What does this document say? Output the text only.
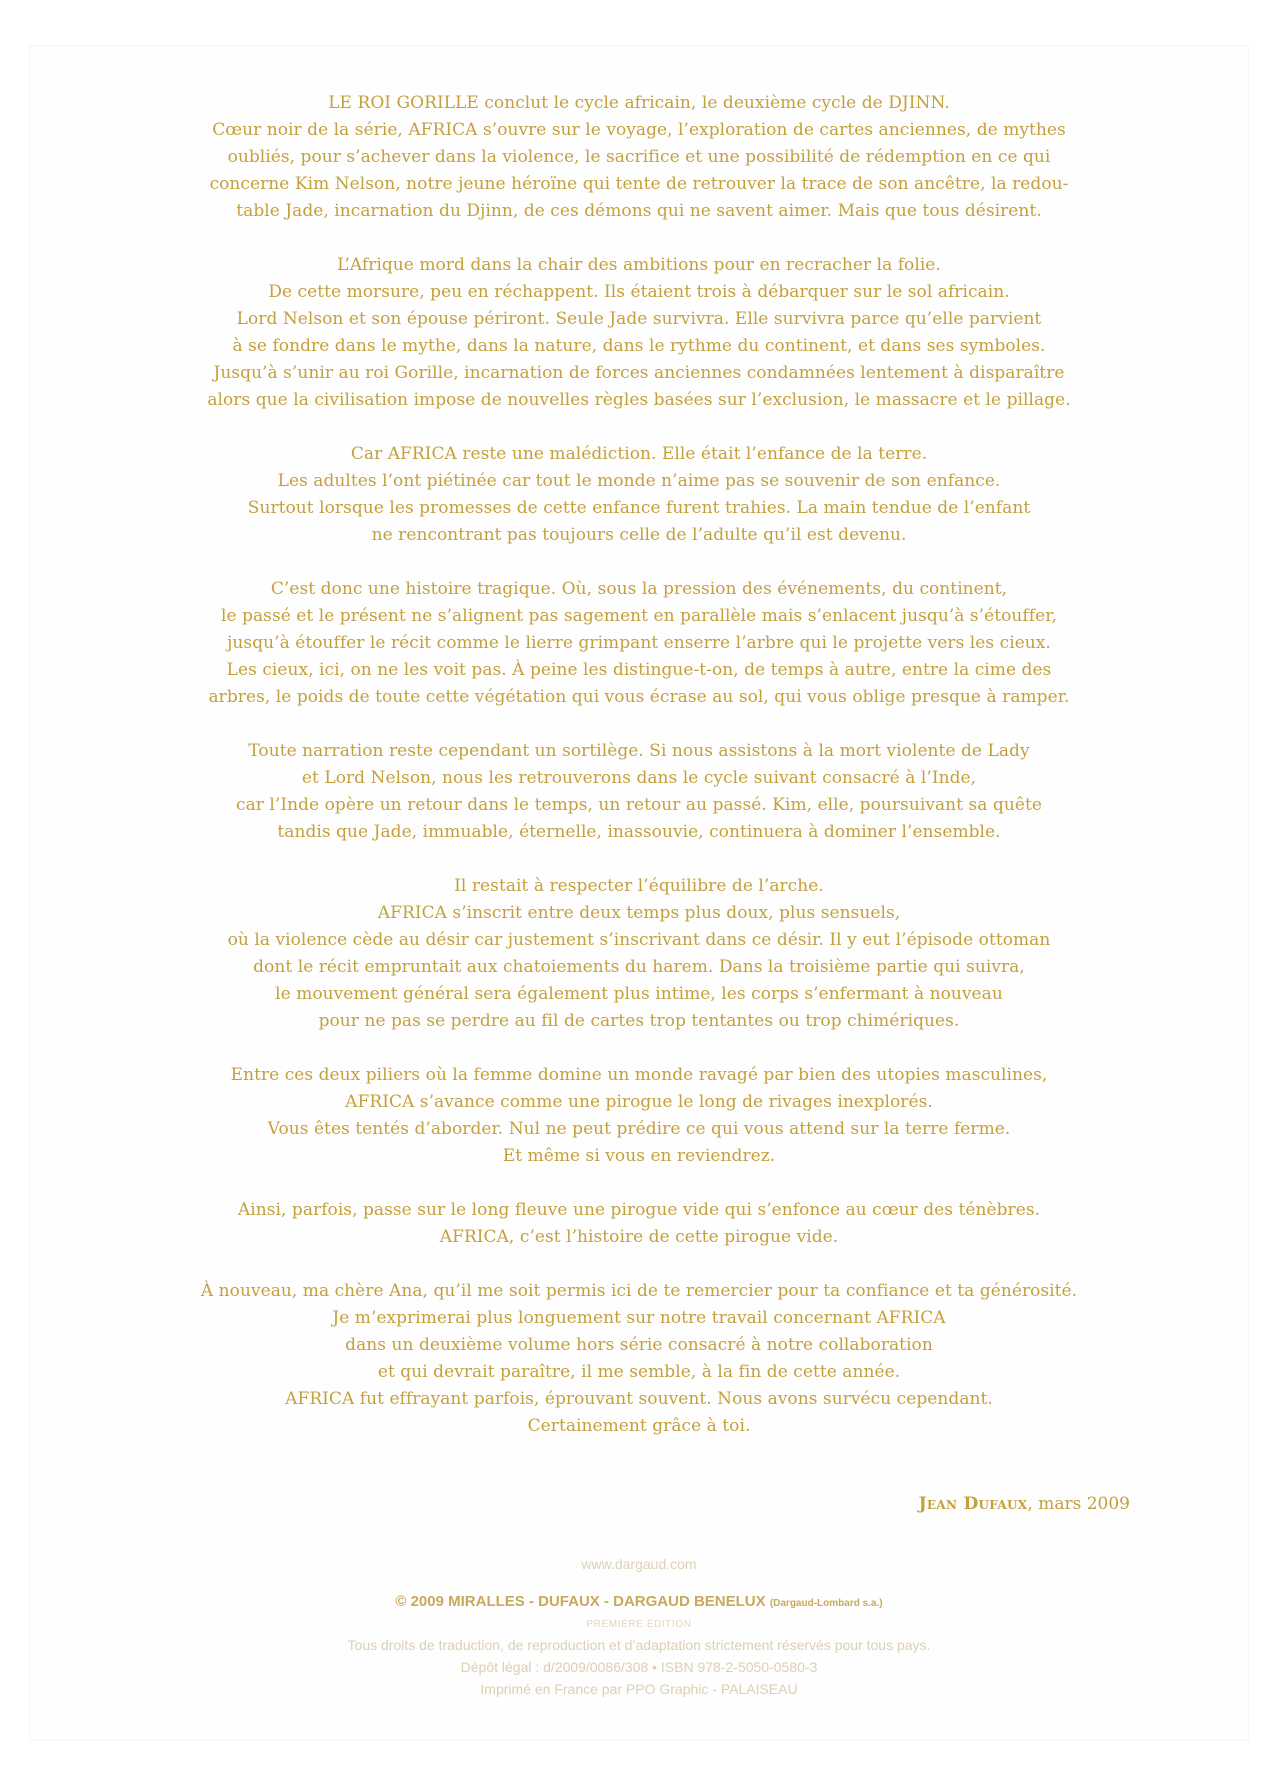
LE ROI GORILLE conclut le cycle africain, le deuxième cycle de DJINN.
Cœur noir de la série, AFRICA s’ouvre sur le voyage, l’exploration de cartes anciennes, de mythes
oubliés, pour s’achever dans la violence, le sacrifice et une possibilité de rédemption en ce qui
concerne Kim Nelson, notre jeune héroïne qui tente de retrouver la trace de son ancêtre, la redou-
table Jade, incarnation du Djinn, de ces démons qui ne savent aimer. Mais que tous désirent.
L’Afrique mord dans la chair des ambitions pour en recracher la folie.
De cette morsure, peu en réchappent. Ils étaient trois à débarquer sur le sol africain.
Lord Nelson et son épouse périront. Seule Jade survivra. Elle survivra parce qu’elle parvient
à se fondre dans le mythe, dans la nature, dans le rythme du continent, et dans ses symboles.
Jusqu’à s’unir au roi Gorille, incarnation de forces anciennes condamnées lentement à disparaître
alors que la civilisation impose de nouvelles règles basées sur l’exclusion, le massacre et le pillage.
Car AFRICA reste une malédiction. Elle était l’enfance de la terre.
Les adultes l’ont piétinée car tout le monde n’aime pas se souvenir de son enfance.
Surtout lorsque les promesses de cette enfance furent trahies. La main tendue de l’enfant
ne rencontrant pas toujours celle de l’adulte qu’il est devenu.
C’est donc une histoire tragique. Où, sous la pression des événements, du continent,
le passé et le présent ne s’alignent pas sagement en parallèle mais s’enlacent jusqu’à s’étouffer,
jusqu’à étouffer le récit comme le lierre grimpant enserre l’arbre qui le projette vers les cieux.
Les cieux, ici, on ne les voit pas. À peine les distingue-t-on, de temps à autre, entre la cime des
arbres, le poids de toute cette végétation qui vous écrase au sol, qui vous oblige presque à ramper.
Toute narration reste cependant un sortilège. Si nous assistons à la mort violente de Lady
et Lord Nelson, nous les retrouverons dans le cycle suivant consacré à l’Inde,
car l’Inde opère un retour dans le temps, un retour au passé. Kim, elle, poursuivant sa quête
tandis que Jade, immuable, éternelle, inassouvie, continuera à dominer l’ensemble.
Il restait à respecter l’équilibre de l’arche.
AFRICA s’inscrit entre deux temps plus doux, plus sensuels,
où la violence cède au désir car justement s’inscrivant dans ce désir. Il y eut l’épisode ottoman
dont le récit empruntait aux chatoiements du harem. Dans la troisième partie qui suivra,
le mouvement général sera également plus intime, les corps s’enfermant à nouveau
pour ne pas se perdre au fil de cartes trop tentantes ou trop chimériques.
Entre ces deux piliers où la femme domine un monde ravagé par bien des utopies masculines,
AFRICA s’avance comme une pirogue le long de rivages inexplorés.
Vous êtes tentés d’aborder. Nul ne peut prédire ce qui vous attend sur la terre ferme.
Et même si vous en reviendrez.
Ainsi, parfois, passe sur le long fleuve une pirogue vide qui s’enfonce au cœur des ténèbres.
AFRICA, c’est l’histoire de cette pirogue vide.
À nouveau, ma chère Ana, qu’il me soit permis ici de te remercier pour ta confiance et ta générosité.
Je m’exprimerai plus longuement sur notre travail concernant AFRICA
dans un deuxième volume hors série consacré à notre collaboration
et qui devrait paraître, il me semble, à la fin de cette année.
AFRICA fut effrayant parfois, éprouvant souvent. Nous avons survécu cependant.
Certainement grâce à toi.
Jean Dufaux, mars 2009
www.dargaud.com
© 2009 MIRALLES - DUFAUX - DARGAUD BENELUX (Dargaud-Lombard s.a.)
PREMIÈRE ÉDITION
Tous droits de traduction, de reproduction et d’adaptation strictement réservés pour tous pays.
Dépôt légal : d/2009/0086/308 • ISBN 978-2-5050-0580-3
Imprimé en France par PPO Graphic - PALAISEAU
